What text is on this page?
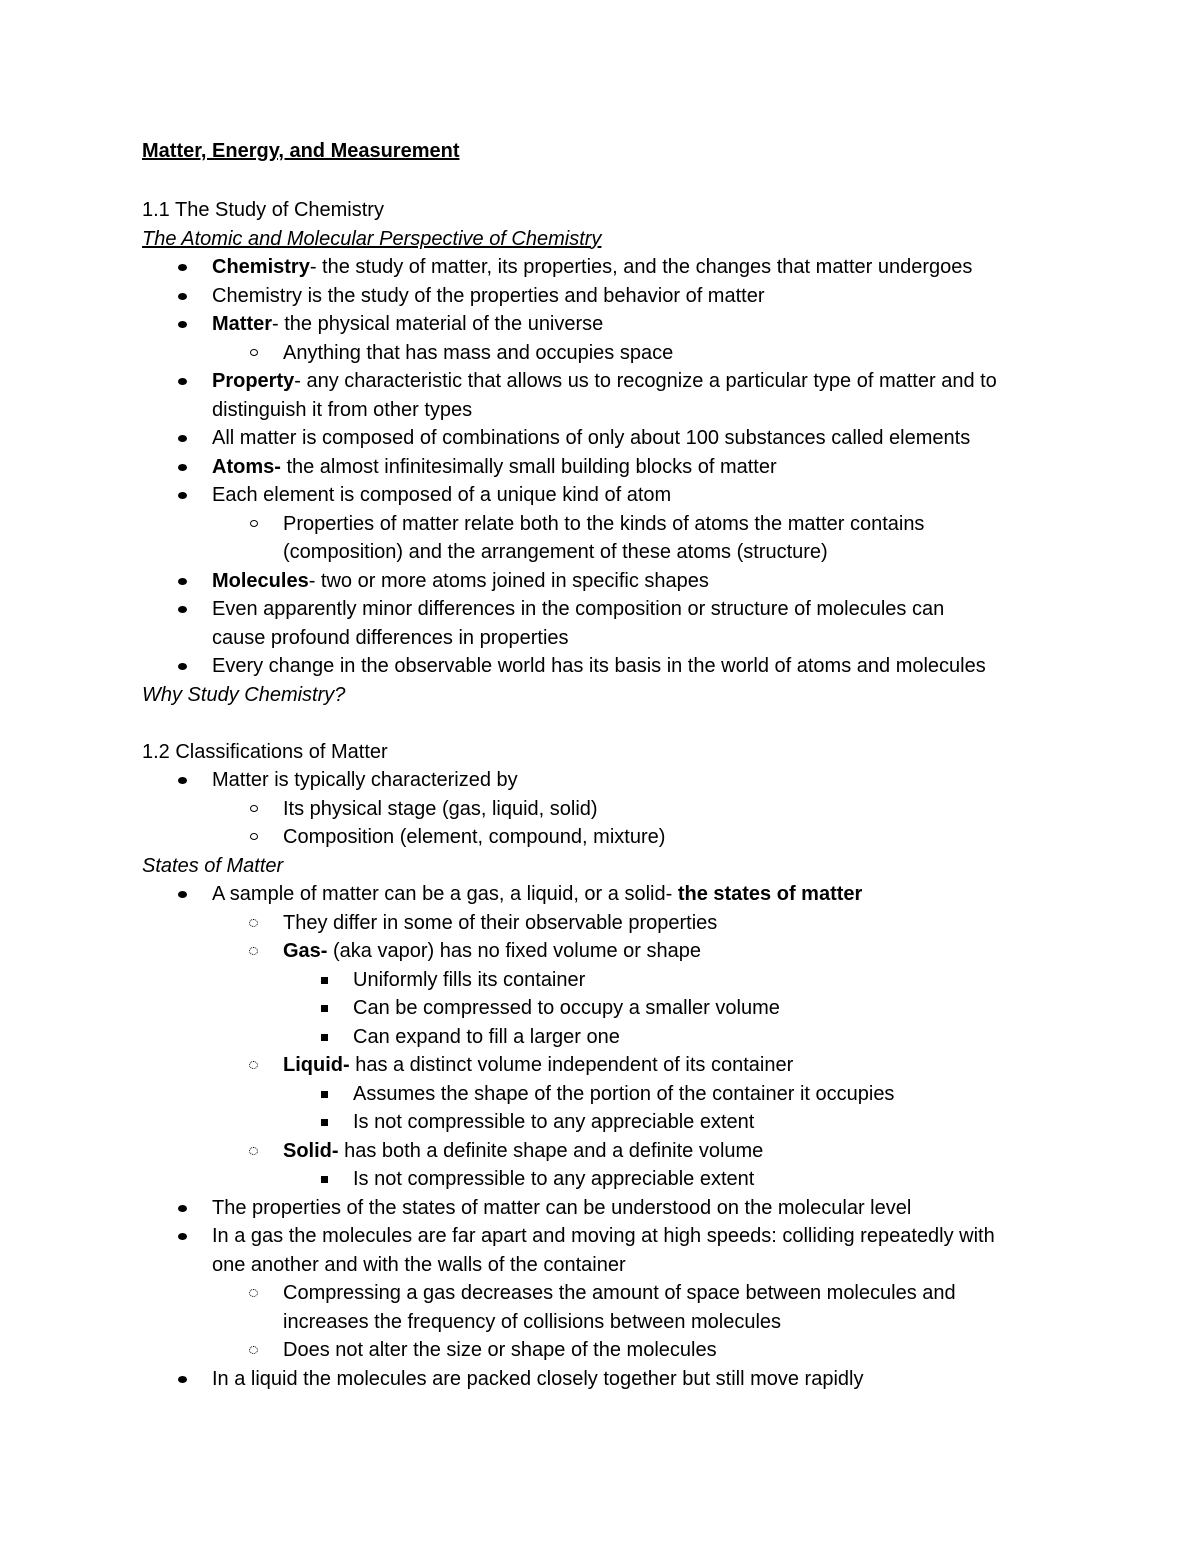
Matter, Energy, and Measurement
1.1 The Study of Chemistry
The Atomic and Molecular Perspective of Chemistry
Chemistry- the study of matter, its properties, and the changes that matter undergoes
Chemistry is the study of the properties and behavior of matter
Matter- the physical material of the universe
Anything that has mass and occupies space
Property- any characteristic that allows us to recognize a particular type of matter and to
distinguish it from other types
All matter is composed of combinations of only about 100 substances called elements
Atoms- the almost infinitesimally small building blocks of matter
Each element is composed of a unique kind of atom
Properties of matter relate both to the kinds of atoms the matter contains
(composition) and the arrangement of these atoms (structure)
Molecules- two or more atoms joined in specific shapes
Even apparently minor differences in the composition or structure of molecules can
cause profound differences in properties
Every change in the observable world has its basis in the world of atoms and molecules
Why Study Chemistry?
1.2 Classifications of Matter
Matter is typically characterized by
Its physical stage (gas, liquid, solid)
Composition (element, compound, mixture)
States of Matter
A sample of matter can be a gas, a liquid, or a solid- the states of matter
They differ in some of their observable properties
Gas- (aka vapor) has no fixed volume or shape
Uniformly fills its container
Can be compressed to occupy a smaller volume
Can expand to fill a larger one
Liquid- has a distinct volume independent of its container
Assumes the shape of the portion of the container it occupies
Is not compressible to any appreciable extent
Solid- has both a definite shape and a definite volume
Is not compressible to any appreciable extent
The properties of the states of matter can be understood on the molecular level
In a gas the molecules are far apart and moving at high speeds: colliding repeatedly with
one another and with the walls of the container
Compressing a gas decreases the amount of space between molecules and
increases the frequency of collisions between molecules
Does not alter the size or shape of the molecules
In a liquid the molecules are packed closely together but still move rapidly
